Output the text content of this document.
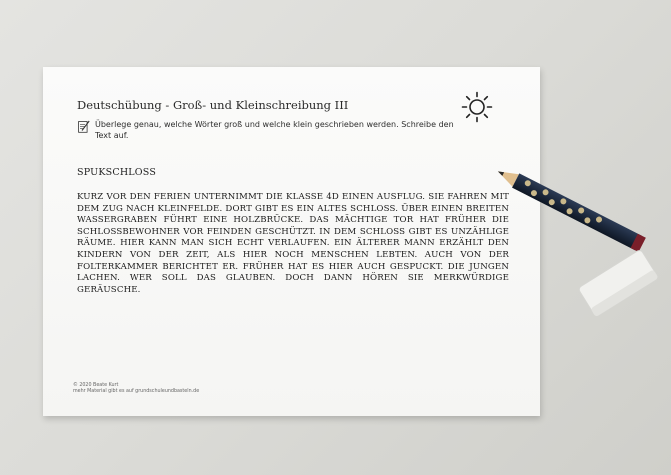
Deutschübung - Groß- und Kleinschreibung III
Überlege genau, welche Wörter groß und welche klein geschrieben werden. Schreibe den Text auf.
SPUKSCHLOSS
KURZ VOR DEN FERIEN UNTERNIMMT DIE KLASSE 4D EINEN AUSFLUG. SIE FAHREN MIT DEM ZUG NACH KLEINFELDE. DORT GIBT ES EIN ALTES SCHLOSS. ÜBER EINEN BREITEN WASSERGRABEN FÜHRT EINE HOLZBRÜCKE. DAS MÄCHTIGE TOR HAT FRÜHER DIE SCHLOSSBEWOHNER VOR FEINDEN GESCHÜTZT. IN DEM SCHLOSS GIBT ES UNZÄHLIGE RÄUME. HIER KANN MAN SICH ECHT VERLAUFEN. EIN ÄLTERER MANN ERZÄHLT DEN KINDERN VON DER ZEIT, ALS HIER NOCH MENSCHEN LEBTEN. AUCH VON DER FOLTERKAMMER BERICHTET ER. FRÜHER HAT ES HIER AUCH GESPUCKT. DIE JUNGEN LACHEN. WER SOLL DAS GLAUBEN. DOCH DANN HÖREN SIE MERKWÜRDIGE GERÄUSCHE.
© 2020 Beate Kurt
mehr Material gibt es auf grundschuleundbasteln.de
